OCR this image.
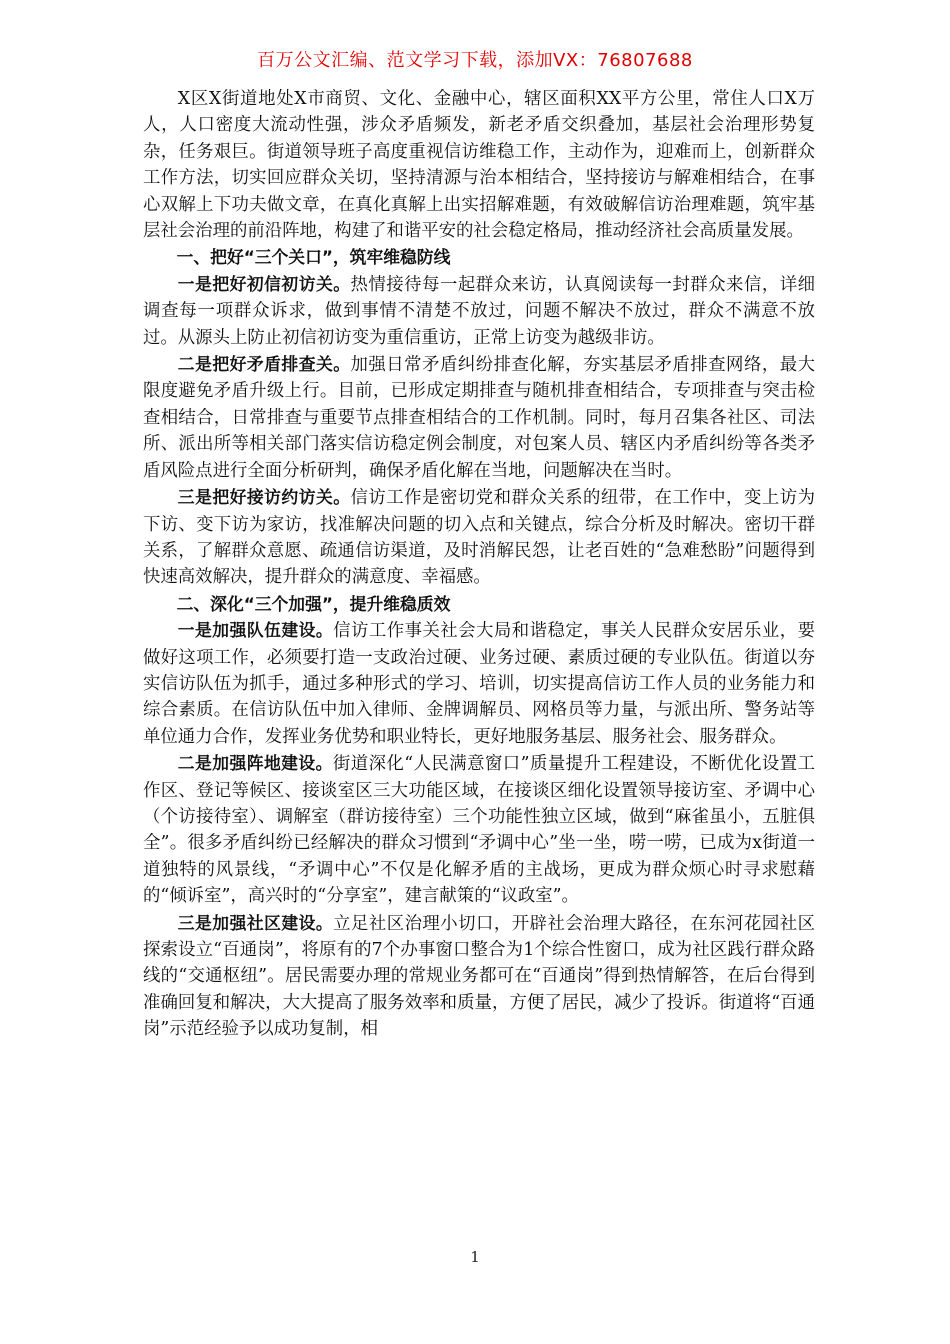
百万公文汇编、范文学习下载，添加VX：76807688

X区X街道地处X市商贸、文化、金融中心，辖区面积XX平方公里，常住人口X万人，人口密度大流动性强，涉众矛盾频发，新老矛盾交织叠加，基层社会治理形势复杂，任务艰巨。街道领导班子高度重视信访维稳工作，主动作为，迎难而上，创新群众工作方法，切实回应群众关切，坚持清源与治本相结合，坚持接访与解难相结合，在事心双解上下功夫做文章，在真化真解上出实招解难题，有效破解信访治理难题，筑牢基层社会治理的前沿阵地，构建了和谐平安的社会稳定格局，推动经济社会高质量发展。

一、把好“三个关口”，筑牢维稳防线

一是把好初信初访关。热情接待每一起群众来访，认真阅读每一封群众来信，详细调查每一项群众诉求，做到事情不清楚不放过，问题不解决不放过，群众不满意不放过。从源头上防止初信初访变为重信重访，正常上访变为越级非访。

二是把好矛盾排查关。加强日常矛盾纠纷排查化解，夯实基层矛盾排查网络，最大限度避免矛盾升级上行。目前，已形成定期排查与随机排查相结合，专项排查与突击检查相结合，日常排查与重要节点排查相结合的工作机制。同时，每月召集各社区、司法所、派出所等相关部门落实信访稳定例会制度，对包案人员、辖区内矛盾纠纷等各类矛盾风险点进行全面分析研判，确保矛盾化解在当地，问题解决在当时。

三是把好接访约访关。信访工作是密切党和群众关系的纽带，在工作中，变上访为下访、变下访为家访，找准解决问题的切入点和关键点，综合分析及时解决。密切干群关系，了解群众意愿、疏通信访渠道，及时消解民怨，让老百姓的“急难愁盼”问题得到快速高效解决，提升群众的满意度、幸福感。

二、深化“三个加强”，提升维稳质效

一是加强队伍建设。信访工作事关社会大局和谐稳定，事关人民群众安居乐业，要做好这项工作，必须要打造一支政治过硬、业务过硬、素质过硬的专业队伍。街道以夯实信访队伍为抓手，通过多种形式的学习、培训，切实提高信访工作人员的业务能力和综合素质。在信访队伍中加入律师、金牌调解员、网格员等力量，与派出所、警务站等单位通力合作，发挥业务优势和职业特长，更好地服务基层、服务社会、服务群众。

二是加强阵地建设。街道深化“人民满意窗口”质量提升工程建设，不断优化设置工作区、登记等候区、接谈室区三大功能区域，在接谈区细化设置领导接访室、矛调中心（个访接待室）、调解室（群访接待室）三个功能性独立区域，做到“麻雀虽小，五脏俱全”。很多矛盾纠纷已经解决的群众习惯到“矛调中心”坐一坐，唠一唠，已成为x街道一道独特的风景线，“矛调中心”不仅是化解矛盾的主战场，更成为群众烦心时寻求慰藉的“倾诉室”，高兴时的“分享室”，建言献策的“议政室”。

三是加强社区建设。立足社区治理小切口，开辟社会治理大路径，在东河花园社区探索设立“百通岗”，将原有的7个办事窗口整合为1个综合性窗口，成为社区践行群众路线的“交通枢纽”。居民需要办理的常规业务都可在“百通岗”得到热情解答，在后台得到准确回复和解决，大大提高了服务效率和质量，方便了居民，减少了投诉。街道将“百通岗”示范经验予以成功复制，相

1
